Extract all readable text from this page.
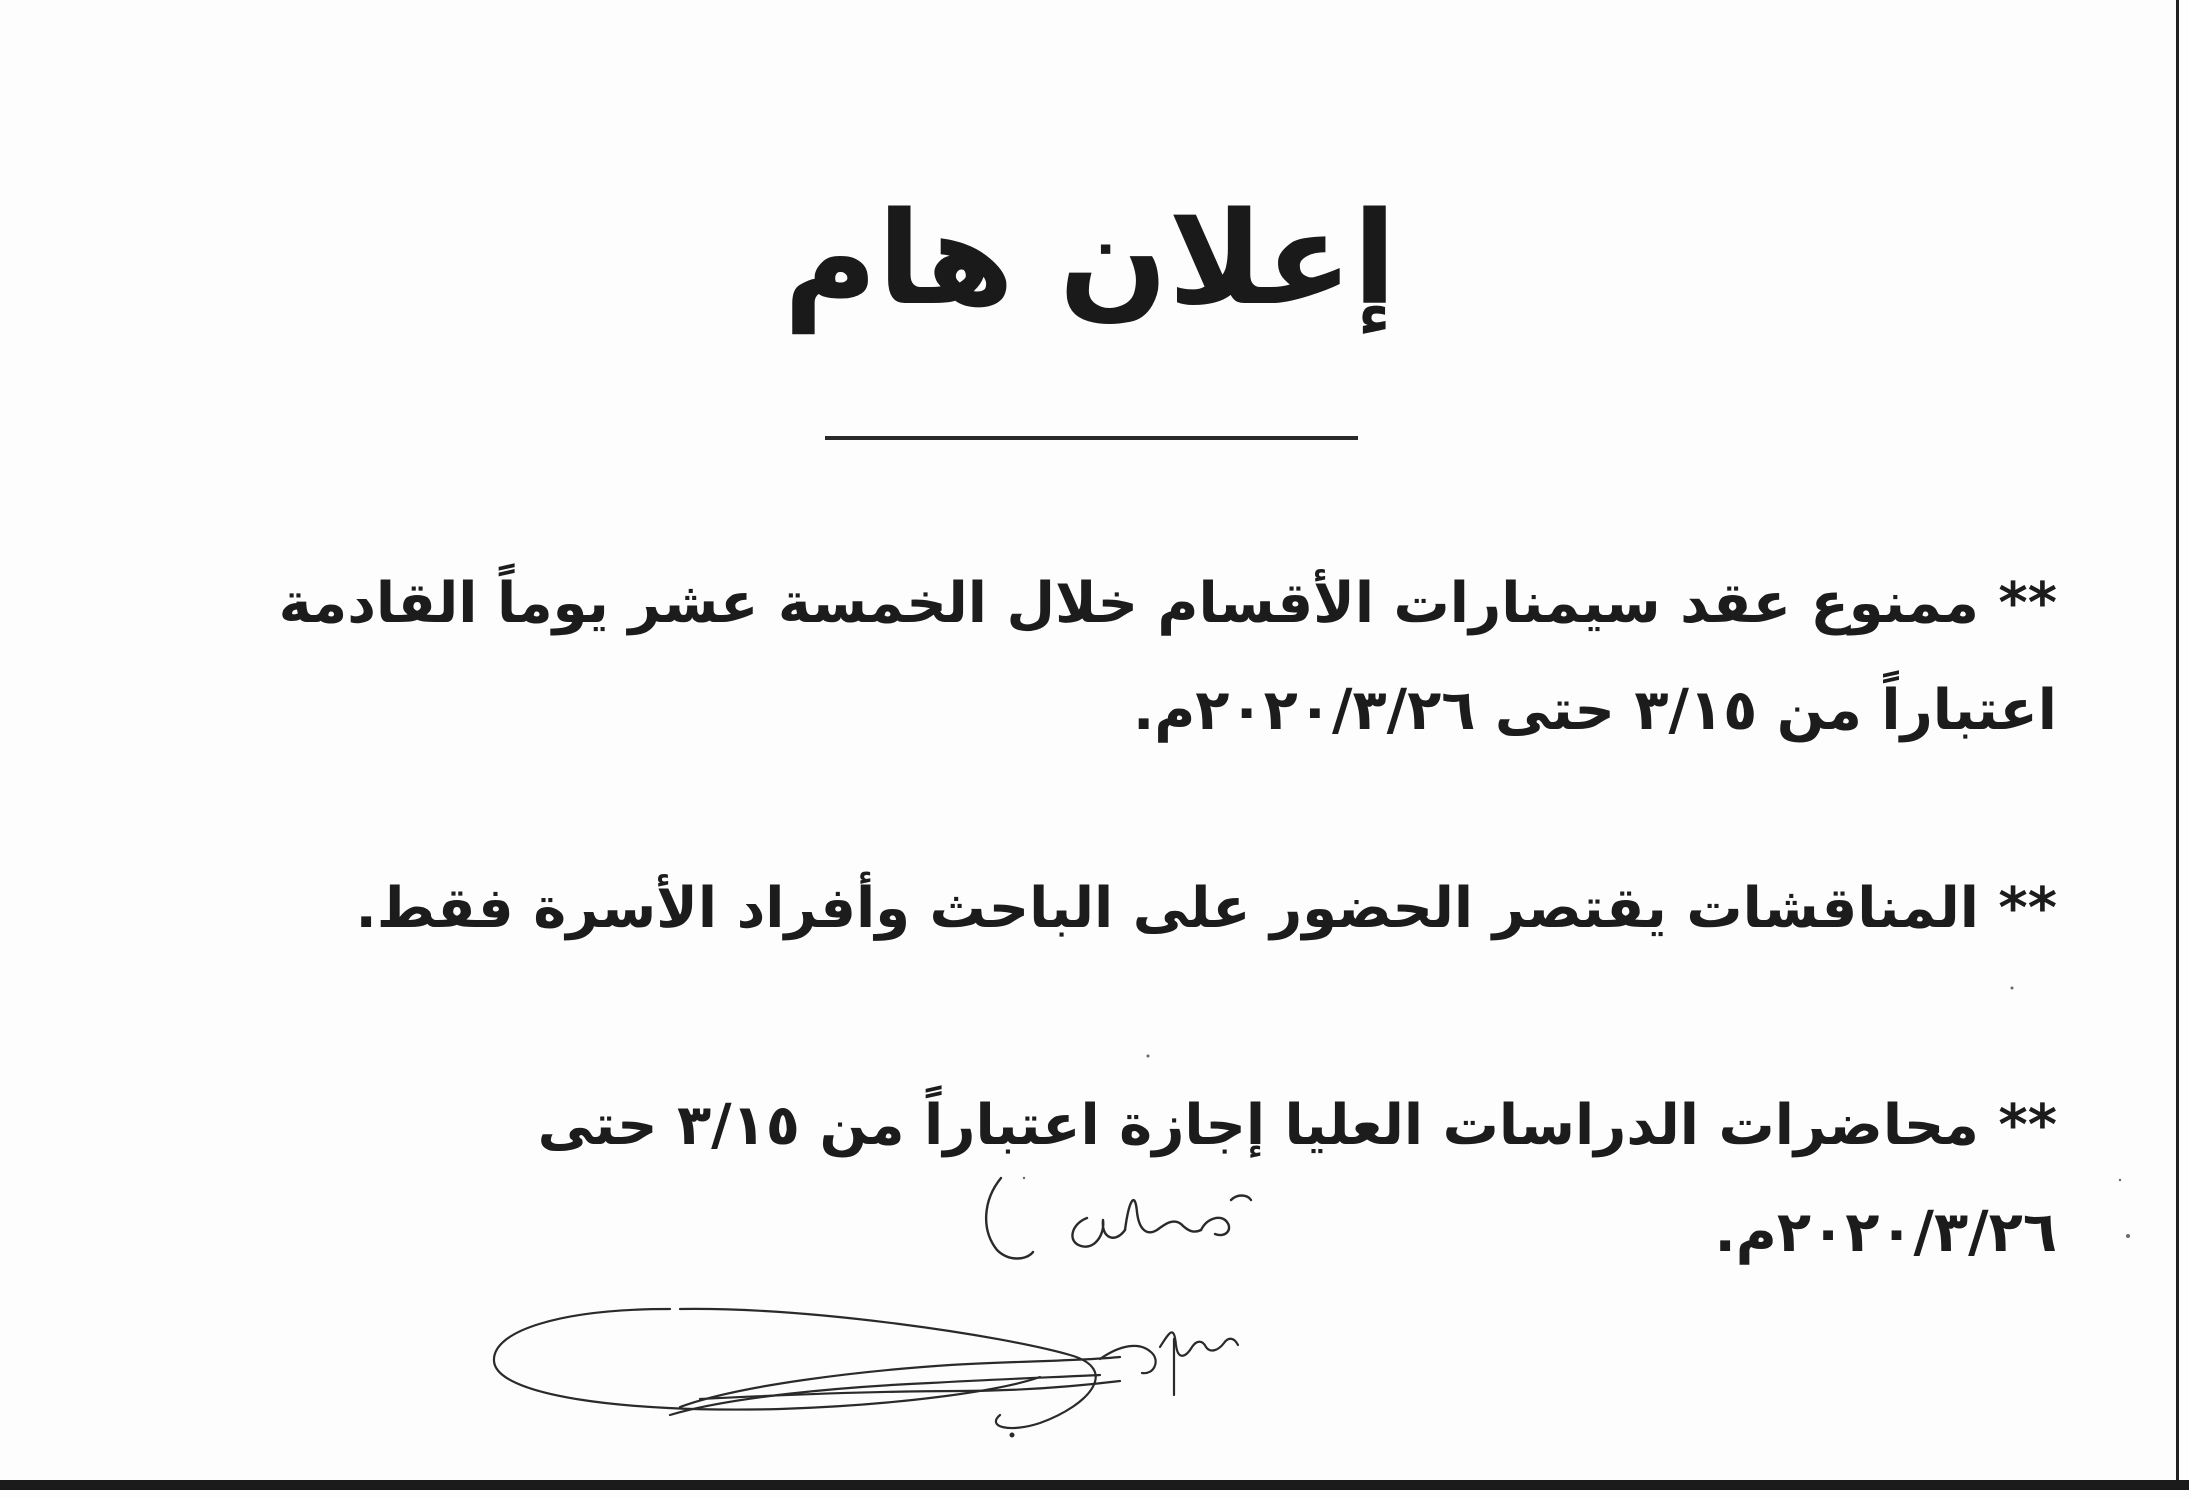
إعلان هام
** ممنوع عقد سيمنارات الأقسام خلال الخمسة عشر يوماً القادمة
اعتباراً من ٣/١٥ حتى ٢٠٢٠/٣/٢٦م.
** المناقشات يقتصر الحضور على الباحث وأفراد الأسرة فقط.
** محاضرات الدراسات العليا إجازة اعتباراً من ٣/١٥ حتى
٢٠٢٠/٣/٢٦م.
